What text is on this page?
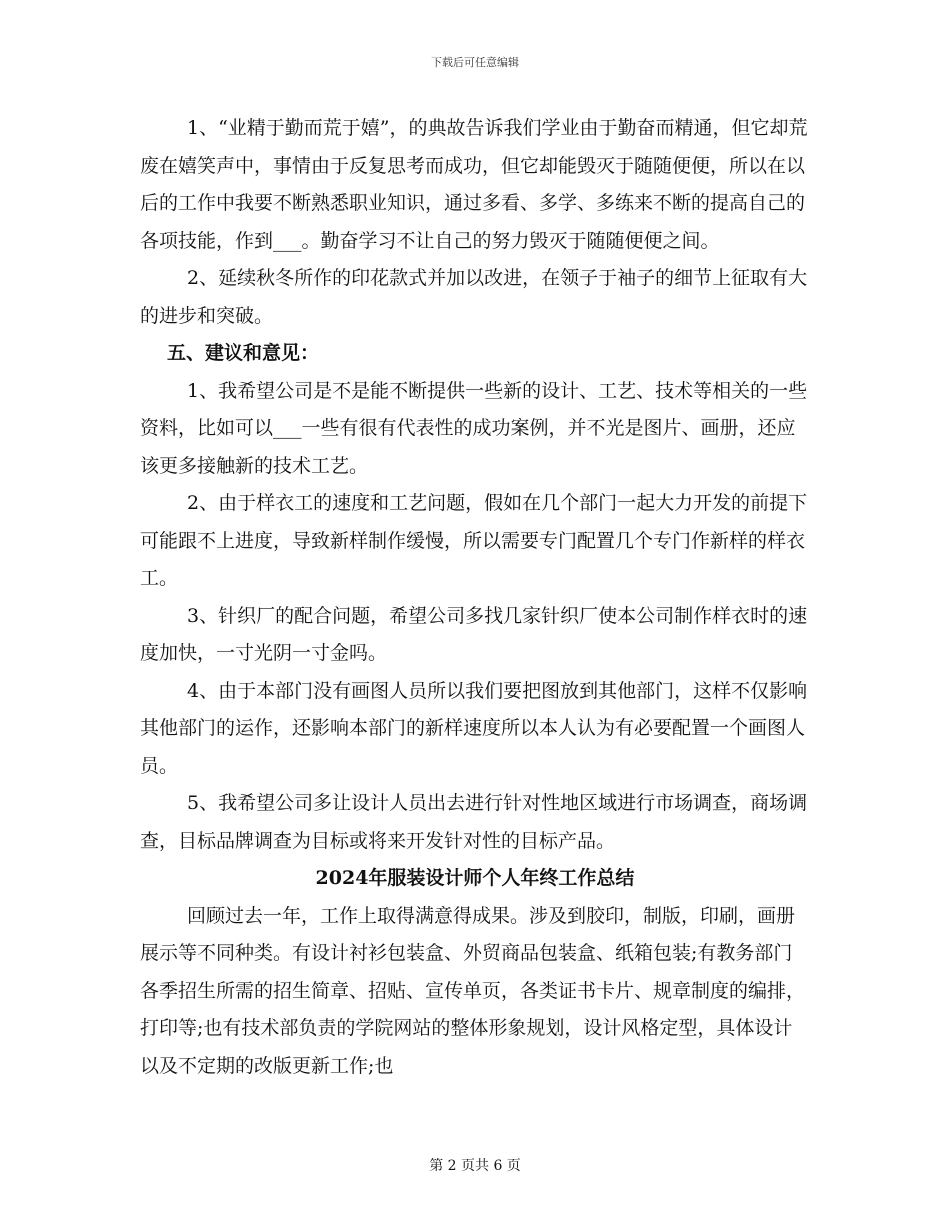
下载后可任意编辑

1、“业精于勤而荒于嬉”，的典故告诉我们学业由于勤奋而精通，但它却荒废在嬉笑声中，事情由于反复思考而成功，但它却能毁灭于随随便便，所以在以后的工作中我要不断熟悉职业知识，通过多看、多学、多练来不断的提高自己的各项技能，作到___。勤奋学习不让自己的努力毁灭于随随便便之间。

2、延续秋冬所作的印花款式并加以改进，在领子于袖子的细节上征取有大的进步和突破。

五、建议和意见：

1、我希望公司是不是能不断提供一些新的设计、工艺、技术等相关的一些资料，比如可以___一些有很有代表性的成功案例，并不光是图片、画册，还应该更多接触新的技术工艺。

2、由于样衣工的速度和工艺问题，假如在几个部门一起大力开发的前提下可能跟不上进度，导致新样制作缓慢，所以需要专门配置几个专门作新样的样衣工。

3、针织厂的配合问题，希望公司多找几家针织厂使本公司制作样衣时的速度加快，一寸光阴一寸金吗。

4、由于本部门没有画图人员所以我们要把图放到其他部门，这样不仅影响其他部门的运作，还影响本部门的新样速度所以本人认为有必要配置一个画图人员。

5、我希望公司多让设计人员出去进行针对性地区域进行市场调查，商场调查，目标品牌调查为目标或将来开发针对性的目标产品。

2024年服装设计师个人年终工作总结

回顾过去一年，工作上取得满意得成果。涉及到胶印，制版，印刷，画册展示等不同种类。有设计衬衫包装盒、外贸商品包装盒、纸箱包装;有教务部门各季招生所需的招生简章、招贴、宣传单页，各类证书卡片、规章制度的编排，打印等;也有技术部负责的学院网站的整体形象规划，设计风格定型，具体设计以及不定期的改版更新工作;也

第 2 页共 6 页
